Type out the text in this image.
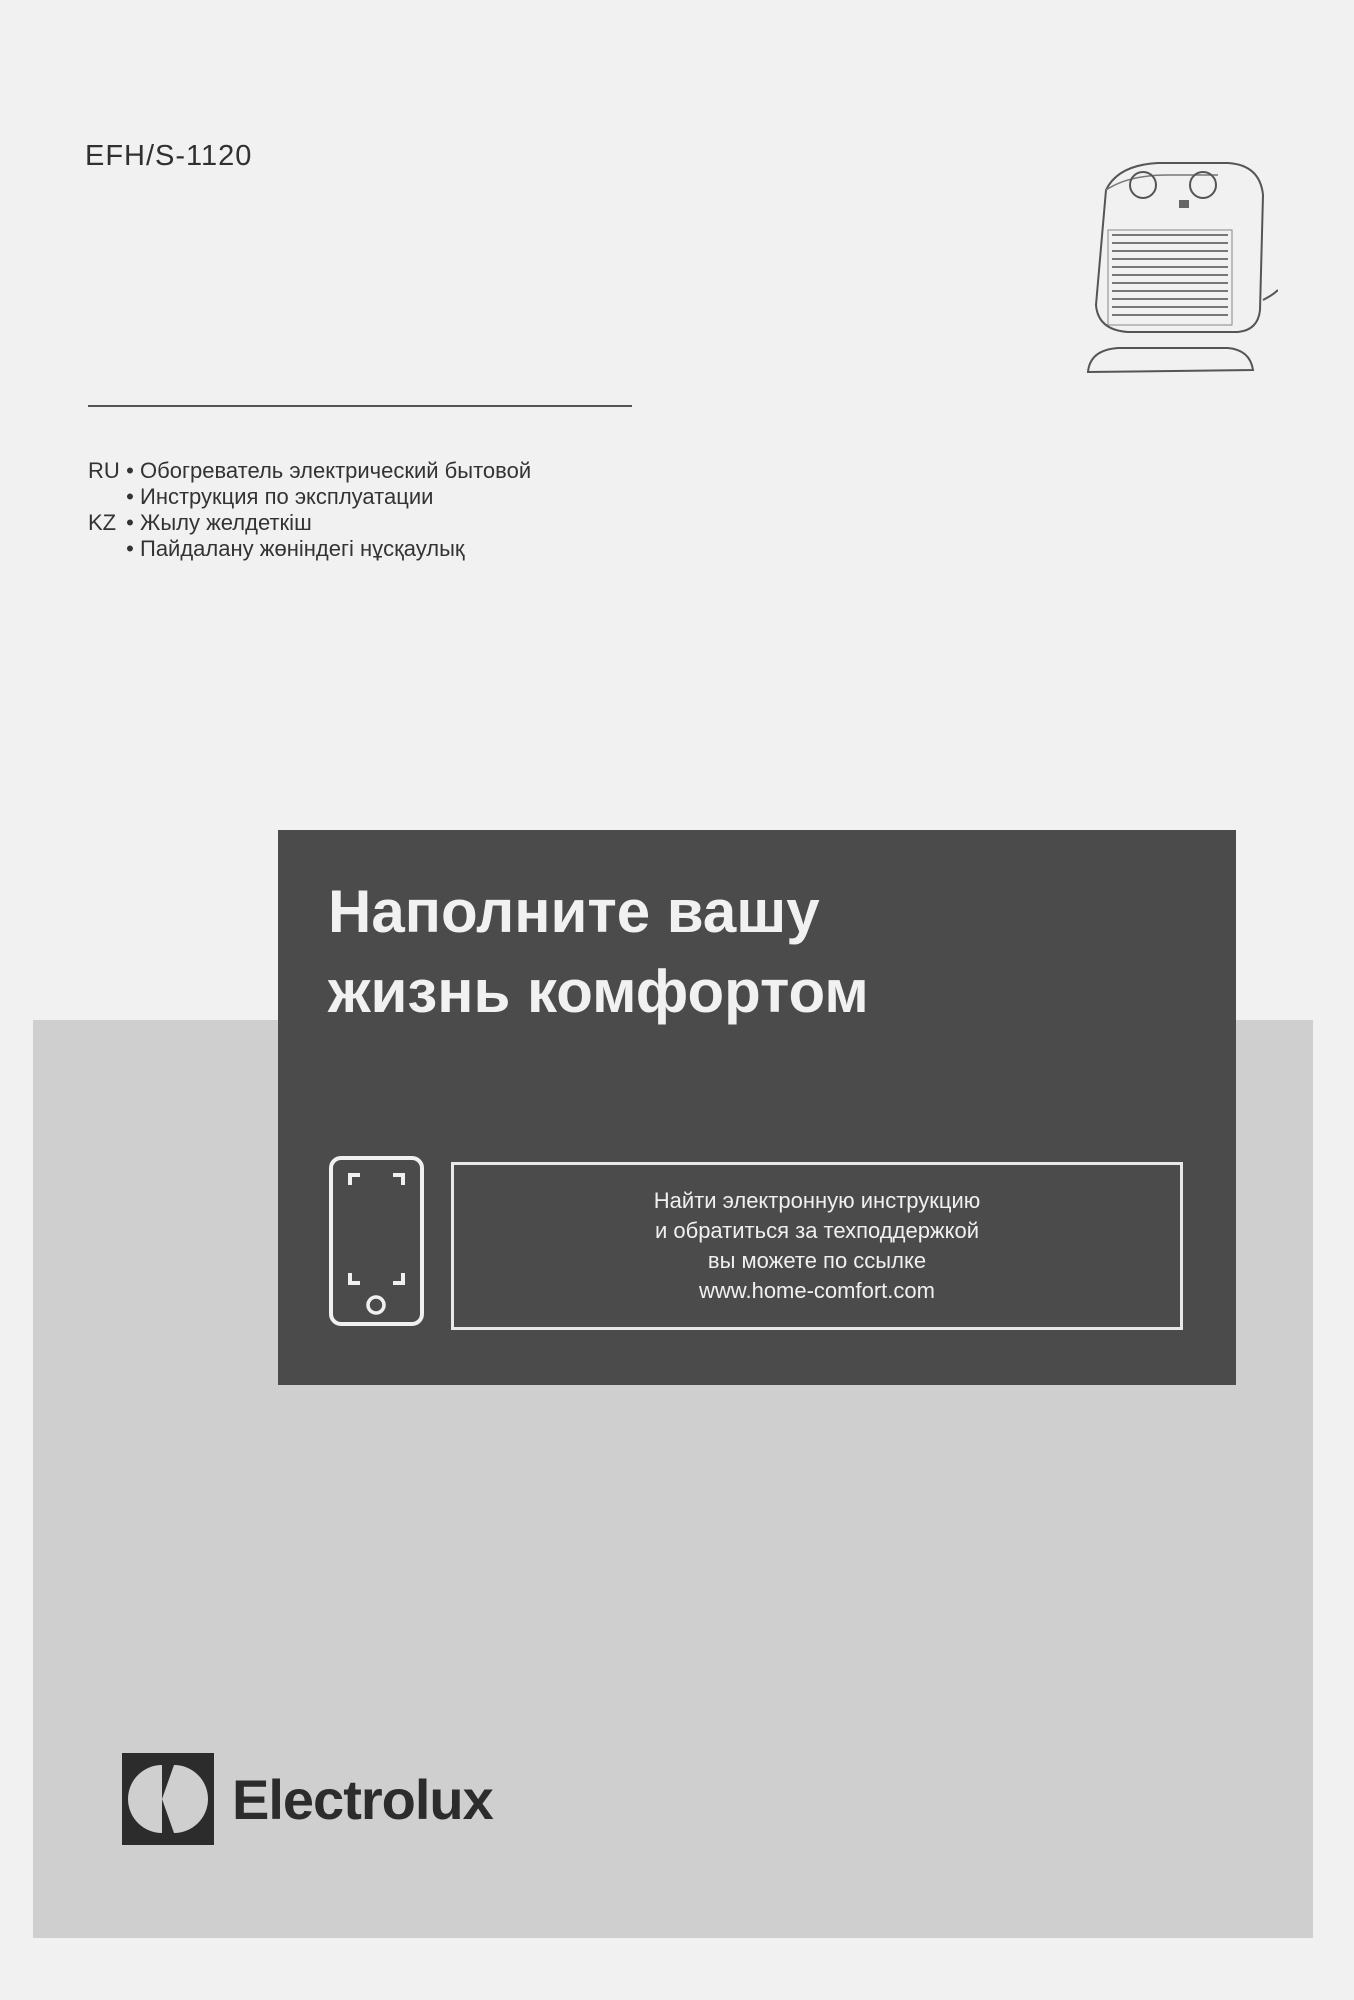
EFH/S-1120
RU • Обогреватель электрический бытовой
• Инструкция по эксплуатации
KZ • Жылу желдеткіш
• Пайдалану жөніндегі нұсқаулық
Наполните вашу
жизнь комфортом
Найти электронную инструкцию
и обратиться за техподдержкой
вы можете по ссылке
www.home-comfort.com
Electrolux
